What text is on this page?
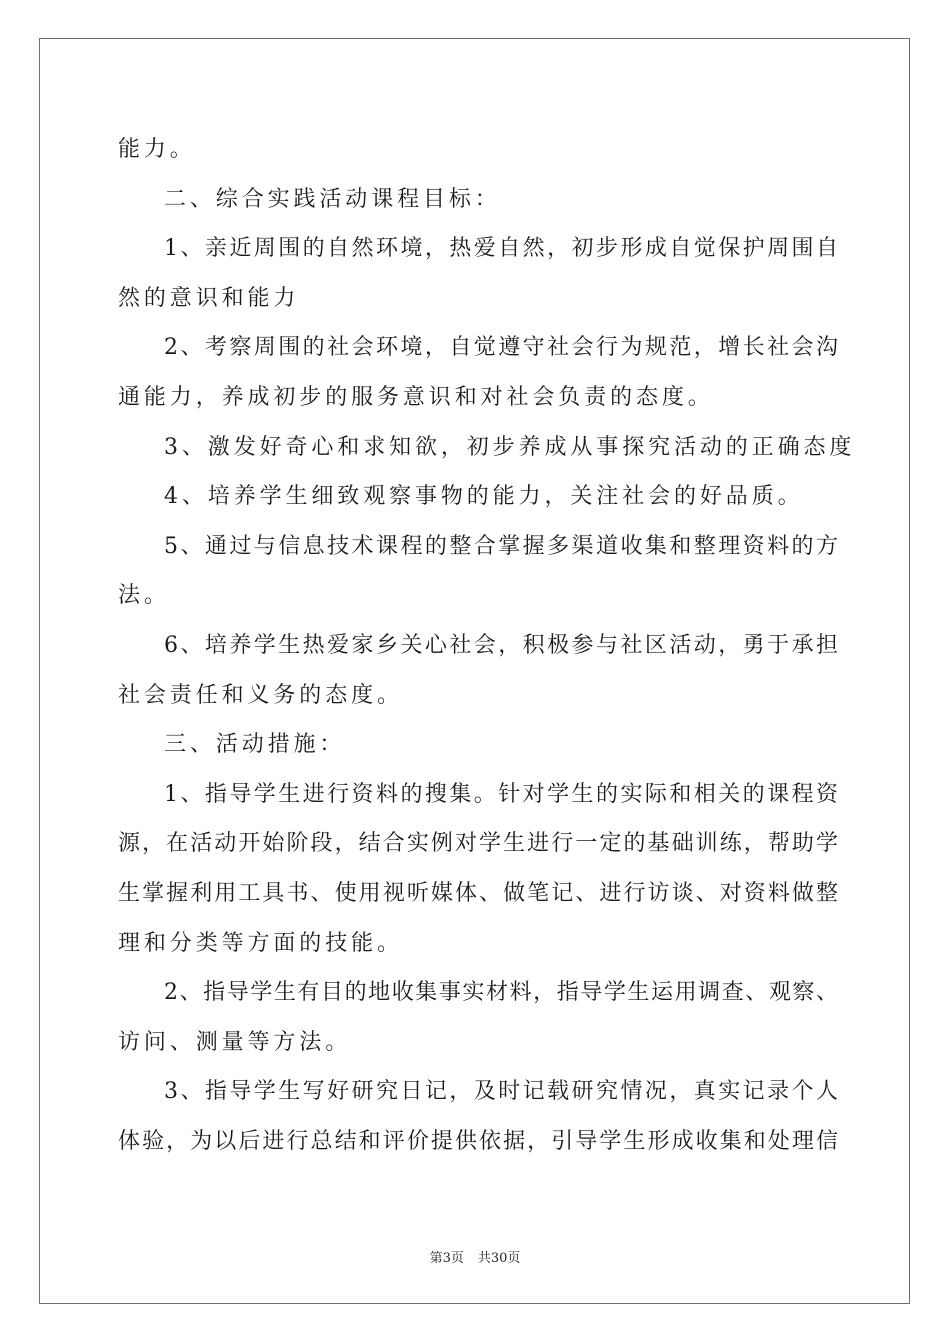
能力。
二、综合实践活动课程目标：
1、亲近周围的自然环境，热爱自然，初步形成自觉保护周围自
然的意识和能力
2、考察周围的社会环境，自觉遵守社会行为规范，增长社会沟
通能力，养成初步的服务意识和对社会负责的态度。
3、激发好奇心和求知欲，初步养成从事探究活动的正确态度
4、培养学生细致观察事物的能力，关注社会的好品质。
5、通过与信息技术课程的整合掌握多渠道收集和整理资料的方
法。
6、培养学生热爱家乡关心社会，积极参与社区活动，勇于承担
社会责任和义务的态度。
三、活动措施：
1、指导学生进行资料的搜集。针对学生的实际和相关的课程资
源，在活动开始阶段，结合实例对学生进行一定的基础训练，帮助学
生掌握利用工具书、使用视听媒体、做笔记、进行访谈、对资料做整
理和分类等方面的技能。
2、指导学生有目的地收集事实材料，指导学生运用调查、观察、
访问、测量等方法。
3、指导学生写好研究日记，及时记载研究情况，真实记录个人
体验，为以后进行总结和评价提供依据，引导学生形成收集和处理信
第3页 共30页
